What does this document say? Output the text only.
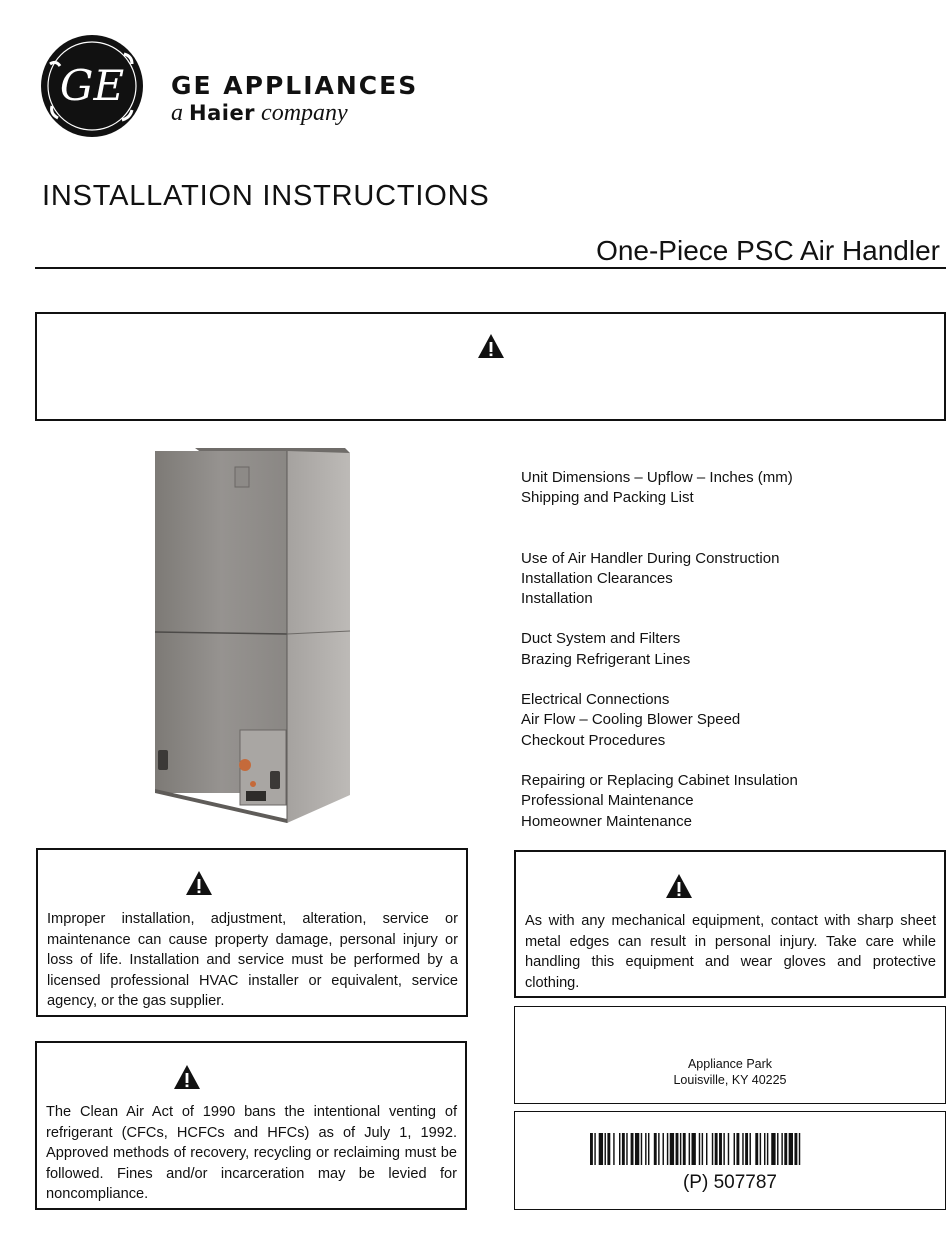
GE GE APPLIANCES
a Haier company
INSTALLATION INSTRUCTIONS
One-Piece PSC Air Handler
Unit Dimensions – Upflow – Inches (mm)
Shipping and Packing List
Use of Air Handler During Construction
Installation Clearances
Installation
Duct System and Filters
Brazing Refrigerant Lines
Electrical Connections
Air Flow – Cooling Blower Speed
Checkout Procedures
Repairing or Replacing Cabinet Insulation
Professional Maintenance
Homeowner Maintenance
Improper installation, adjustment, alteration, service or maintenance can cause property damage, personal injury or loss of life. Installation and service must be performed by a licensed professional HVAC installer or equivalent, service agency, or the gas supplier.
The Clean Air Act of 1990 bans the intentional venting of refrigerant (CFCs, HCFCs and HFCs) as of July 1, 1992. Approved methods of recovery, recycling or reclaiming must be followed. Fines and/or incarceration may be levied for noncompliance.
As with any mechanical equipment, contact with sharp sheet metal edges can result in personal injury. Take care while handling this equipment and wear gloves and protective clothing.
Appliance Park
Louisville, KY 40225
(P) 507787
